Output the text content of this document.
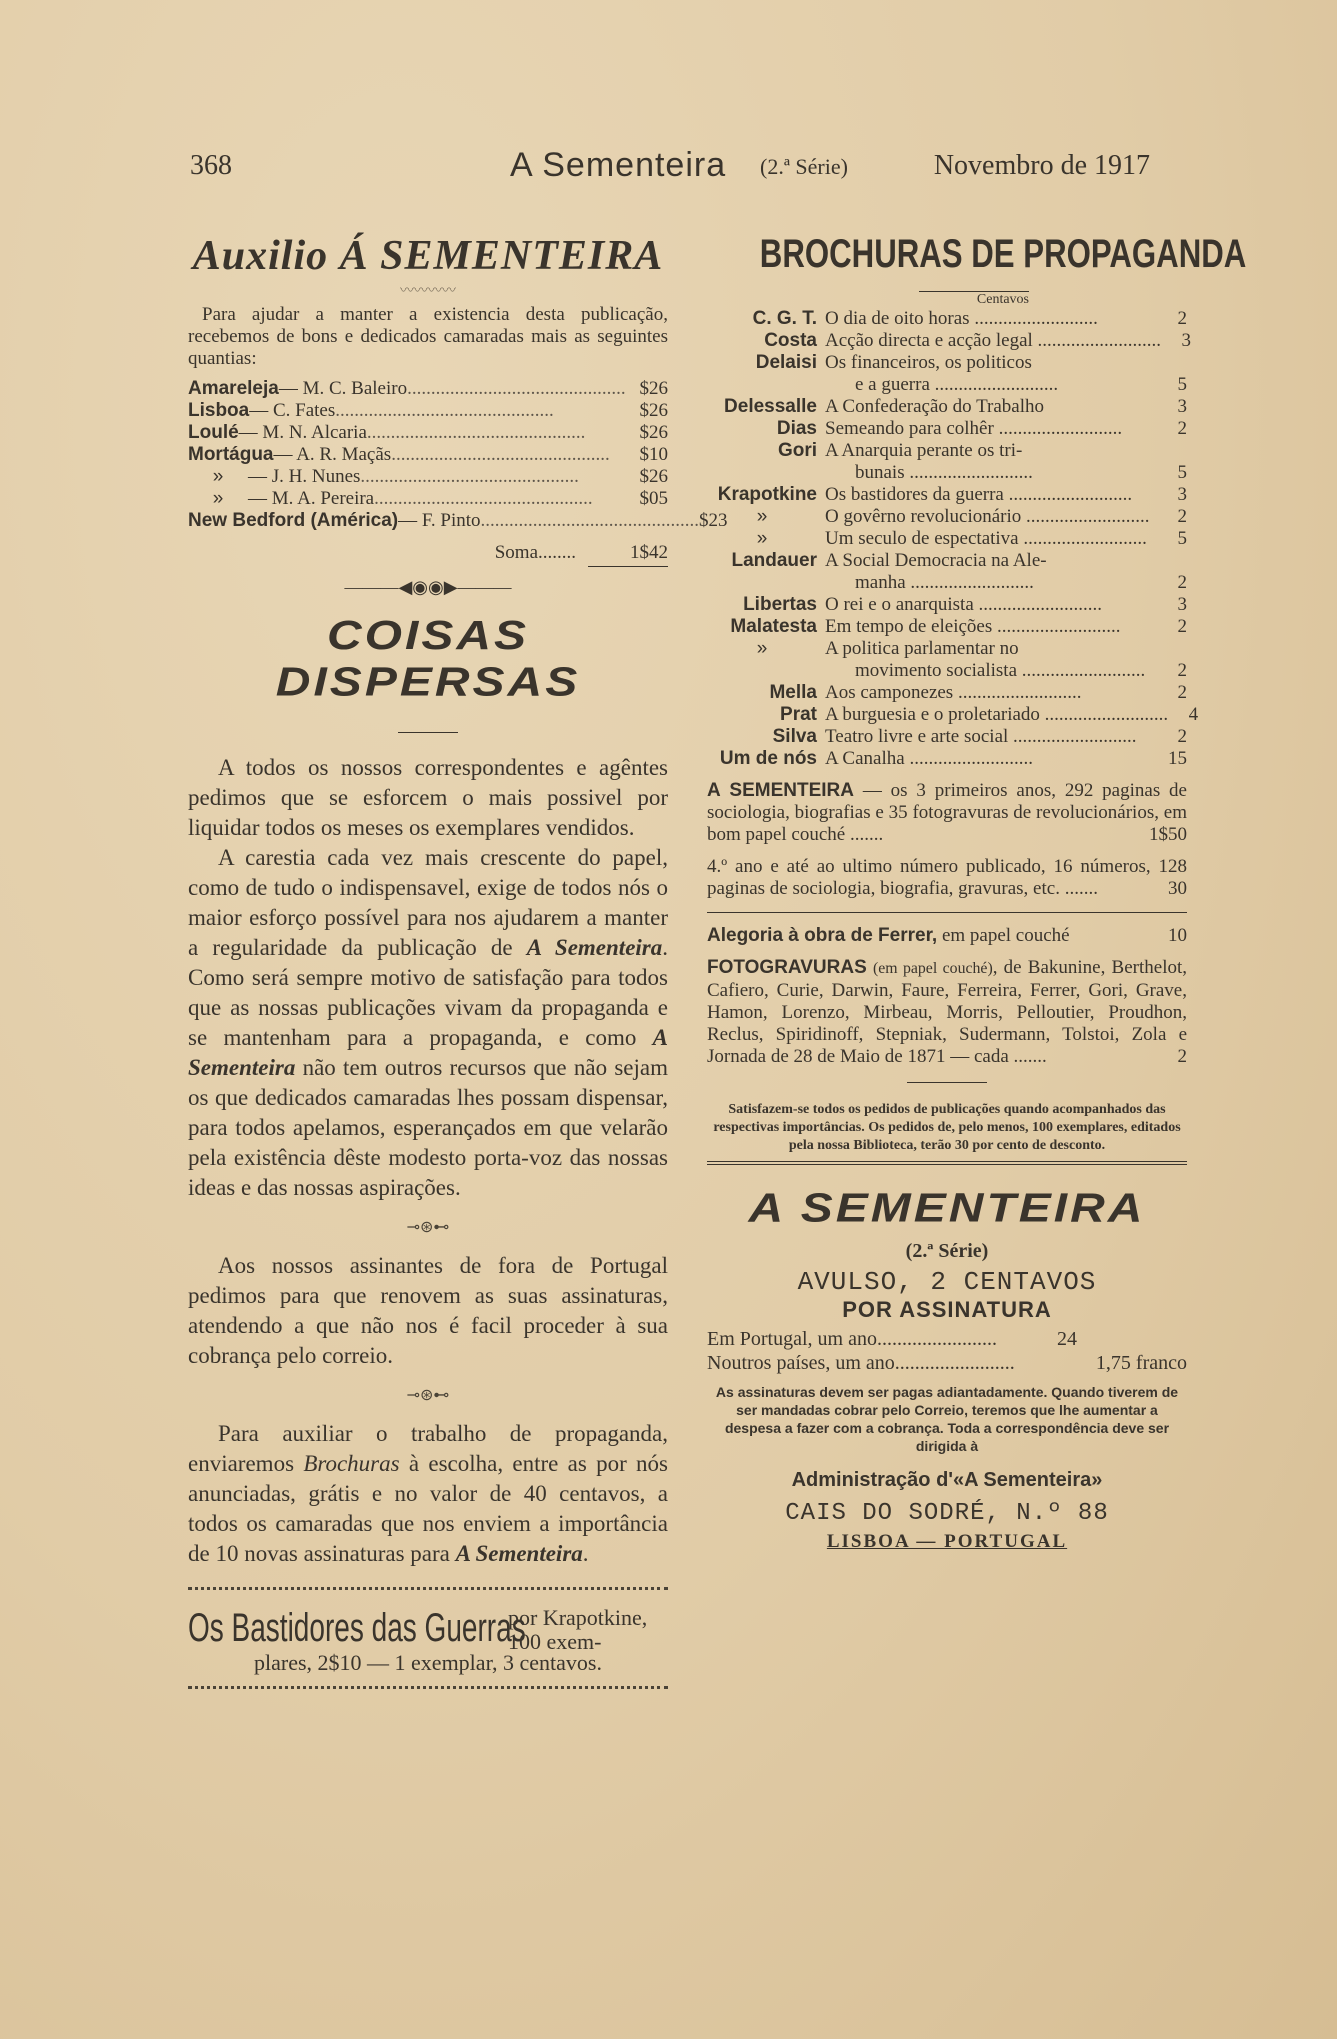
368	A Sementeira (2.ª Série)	Novembro de 1917
Auxilio Á SEMENTEIRA
〰〰〰〰

Para ajudar a manter a existencia desta publicação, recebemos de bons e dedicados camaradas mais as seguintes quantias:

Amareleja — M. C. Baleiro .............................................. $26
Lisboa — C. Fates ..............................................	$26
Loulé — M. N. Alcaria ..............................................	$26
Mortágua — A. R. Maçãs ..............................................	$10
»	— J. H. Nunes ..............................................	$26
»	— M. A. Pereira ..............................................	$05
New Bedford (América) — F. Pinto .............................................. $23
Soma ........	1$42
———◀◉◉▶———
COISAS DISPERSAS

A todos os nossos correspondentes e agêntes pedimos que se esforcem o mais possivel por liquidar todos os meses os exemplares vendidos.

A carestia cada vez mais crescente do papel, como de tudo o indispensavel, exige de todos nós o maior esforço possível para nos ajudarem a manter a regularidade da publicação de A Sementeira. Como será sempre motivo de satisfação para todos que as nossas publicações vivam da propaganda e se mantenham para a propaganda, e como A Sementeira não tem outros recursos que não sejam os que dedicados camaradas lhes possam dispensar, para todos apelamos, esperançados em que velarão pela existência dêste modesto porta-voz das nossas ideas e das nossas aspirações.

⊸⊛⊷

Aos nossos assinantes de fora de Portugal pedimos para que renovem as suas assinaturas, atendendo a que não nos é facil proceder à sua cobrança pelo correio.

⊸⊛⊷

Para auxiliar o trabalho de propaganda, enviaremos Brochuras à escolha, entre as por nós anunciadas, grátis e no valor de 40 centavos, a todos os camaradas que nos enviem a importância de 10 novas assinaturas para A Sementeira.

Os Bastidores das Guerras
por Krapotkine, 100 exem-
plares, 2$10 — 1 exemplar, 3 centavos.
BROCHURAS DE PROPAGANDA
Centavos
C. G. T. O dia de oito horas ..........................	2
Costa Acção directa e acção legal ..........................	3
Delaisi Os financeiros, os politicos
e a guerra ..........................	5
Delessalle A Confederação do Trabalho	3
Dias Semeando para colhêr ..........................	2
Gori A Anarquia perante os tri-
bunais ..........................	5
Krapotkine Os bastidores da guerra ..........................	3
»	O govêrno revolucionário ..........................	2
»	Um seculo de espectativa ..........................	5
Landauer A Social Democracia na Ale-
manha ..........................	2
Libertas O rei e o anarquista ..........................	3
Malatesta Em tempo de eleições ..........................	2
»	A politica parlamentar no
movimento socialista ..........................	2
Mella Aos camponezes ..........................	2
Prat A burguesia e o proletariado ..........................	4
Silva Teatro livre e arte social ..........................	2
Um de nós A Canalha ..........................	15
A SEMENTEIRA — os 3 primeiros anos, 292 paginas de sociologia, biografias e 35 fotogravuras de revolucionários, em bom papel couché .......	1$50
4.º ano e até ao ultimo número publicado, 16 números, 128 paginas de sociologia, biografia, gravuras, etc. .......	30
Alegoria à obra de Ferrer, em papel couché	10
FOTOGRAVURAS (em papel couché), de Bakunine, Berthelot, Cafiero, Curie, Darwin, Faure, Ferreira, Ferrer, Gori, Grave, Hamon, Lorenzo, Mirbeau, Morris, Pelloutier, Proudhon, Reclus, Spiridinoff, Stepniak, Sudermann, Tolstoi, Zola e Jornada de 28 de Maio de 1871 — cada .......	2

Satisfazem-se todos os pedidos de publicações quando acompanhados das respectivas importâncias. Os pedidos de, pelo menos, 100 exemplares, editados pela nossa Biblioteca, terão 30 por cento de desconto.

A SEMENTEIRA
(2.ª Série)
AVULSO, 2 CENTAVOS
POR ASSINATURA
Em Portugal, um ano ........................	24
Noutros países, um ano ........................	1,75 franco

As assinaturas devem ser pagas adiantadamente. Quando tiverem de ser mandadas cobrar pelo Correio, teremos que lhe aumentar a despesa a fazer com a cobrança. Toda a correspondência deve ser dirigida à

Administração d'«A Sementeira»
CAIS DO SODRÉ, N.º 88
LISBOA — PORTUGAL
